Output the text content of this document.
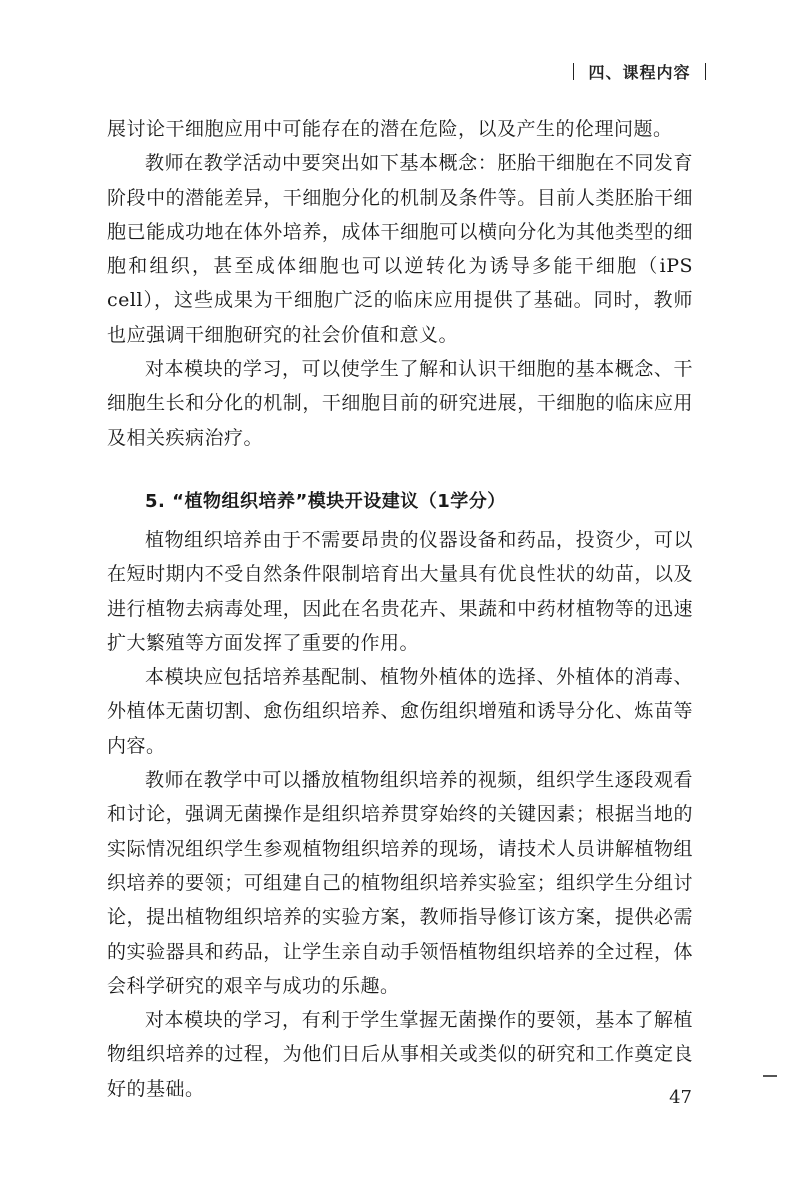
四、课程内容

展讨论干细胞应用中可能存在的潜在危险，以及产生的伦理问题。

教师在教学活动中要突出如下基本概念：胚胎干细胞在不同发育阶段中的潜能差异，干细胞分化的机制及条件等。目前人类胚胎干细胞已能成功地在体外培养，成体干细胞可以横向分化为其他类型的细胞和组织，甚至成体细胞也可以逆转化为诱导多能干细胞（iPS cell），这些成果为干细胞广泛的临床应用提供了基础。同时，教师也应强调干细胞研究的社会价值和意义。

对本模块的学习，可以使学生了解和认识干细胞的基本概念、干细胞生长和分化的机制，干细胞目前的研究进展，干细胞的临床应用及相关疾病治疗。

5. “植物组织培养”模块开设建议（1学分）

植物组织培养由于不需要昂贵的仪器设备和药品，投资少，可以在短时期内不受自然条件限制培育出大量具有优良性状的幼苗，以及进行植物去病毒处理，因此在名贵花卉、果蔬和中药材植物等的迅速扩大繁殖等方面发挥了重要的作用。

本模块应包括培养基配制、植物外植体的选择、外植体的消毒、外植体无菌切割、愈伤组织培养、愈伤组织增殖和诱导分化、炼苗等内容。

教师在教学中可以播放植物组织培养的视频，组织学生逐段观看和讨论，强调无菌操作是组织培养贯穿始终的关键因素；根据当地的实际情况组织学生参观植物组织培养的现场，请技术人员讲解植物组织培养的要领；可组建自己的植物组织培养实验室；组织学生分组讨论，提出植物组织培养的实验方案，教师指导修订该方案，提供必需的实验器具和药品，让学生亲自动手领悟植物组织培养的全过程，体会科学研究的艰辛与成功的乐趣。

对本模块的学习，有利于学生掌握无菌操作的要领，基本了解植物组织培养的过程，为他们日后从事相关或类似的研究和工作奠定良好的基础。	47
